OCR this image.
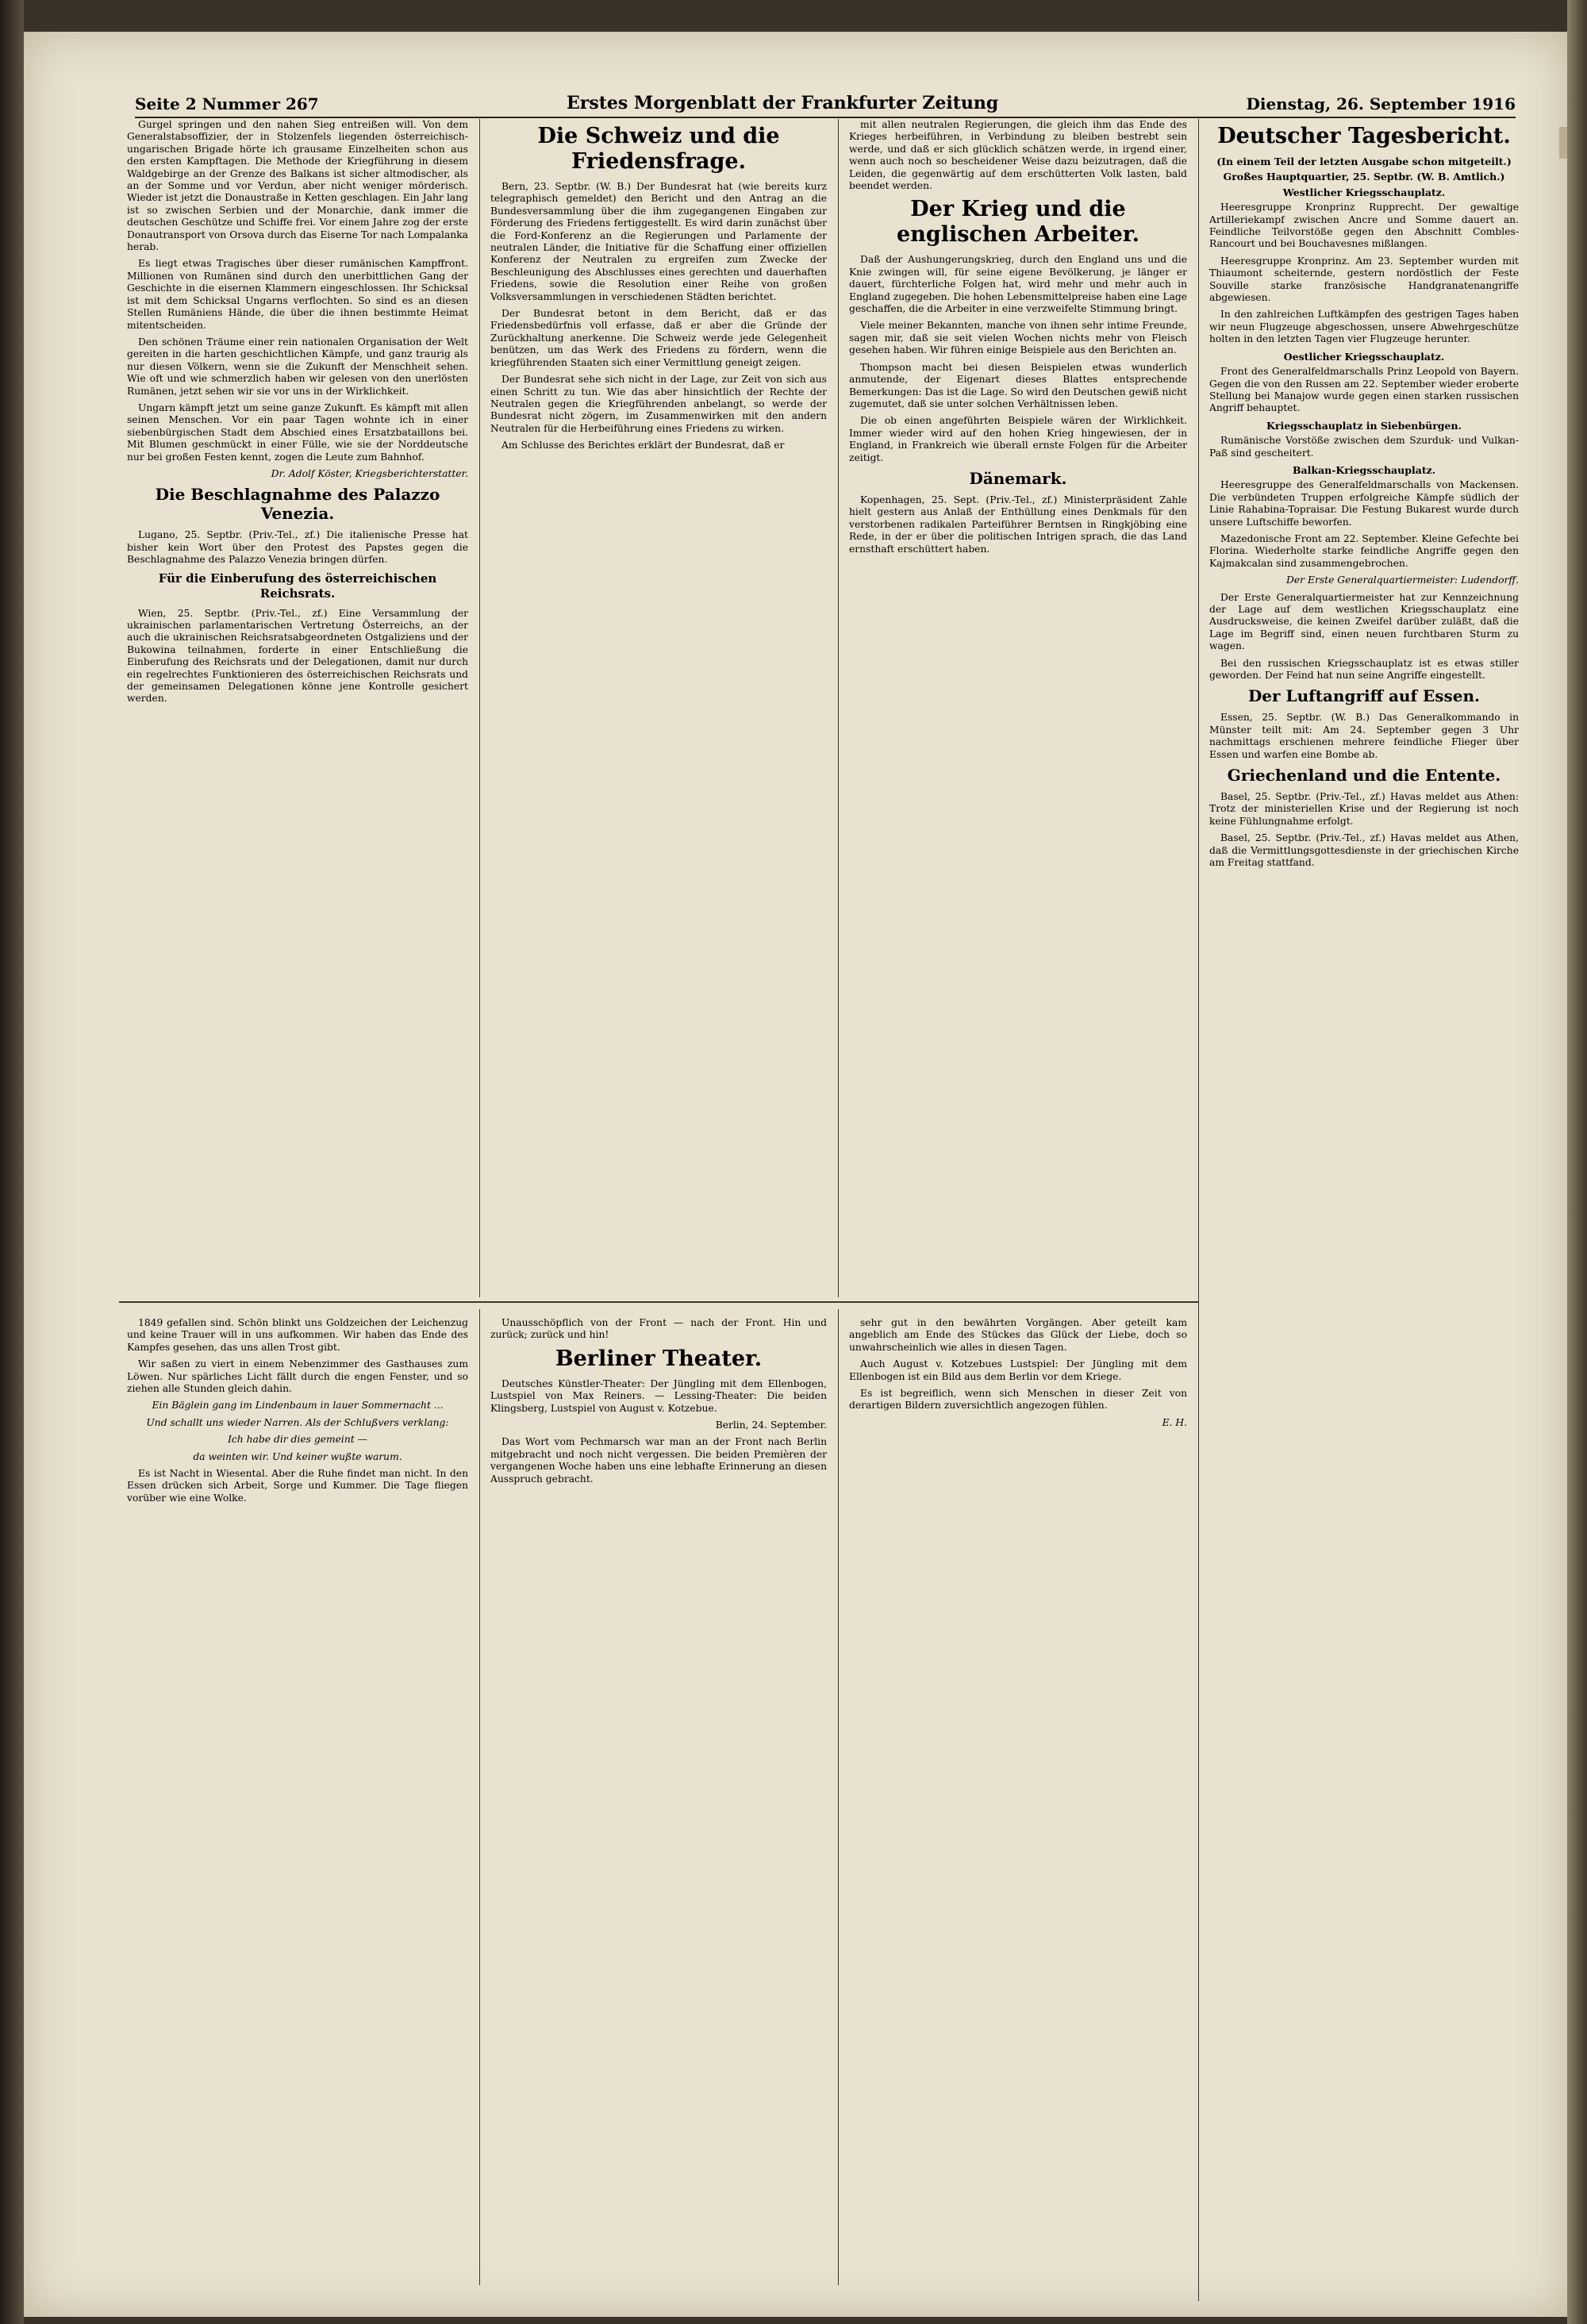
Seite 2 Nummer 267	Erstes Morgenblatt der Frankfurter Zeitung	Dienstag, 26. September 1916

Gurgel springen und den nahen Sieg entreißen will. Von dem Generalstabsoffizier, der in Stolzenfels liegenden österreichisch-ungarischen Brigade hörte ich grausame Einzelheiten schon aus den ersten Kampftagen. Die Methode der Kriegführung in diesem Waldgebirge an der Grenze des Balkans ist sicher altmodischer, als an der Somme und vor Verdun, aber nicht weniger mörderisch. Wieder ist jetzt die Donaustraße in Ketten geschlagen. Ein Jahr lang ist so zwischen Serbien und der Monarchie, dank immer die deutschen Geschütze und Schiffe frei. Vor einem Jahre zog der erste Donautransport von Orsova durch das Eiserne Tor nach Lompalanka herab.

Es liegt etwas Tragisches über dieser rumänischen Kampffront. Millionen von Rumänen sind durch den unerbittlichen Gang der Geschichte in die eisernen Klammern eingeschlossen. Ihr Schicksal ist mit dem Schicksal Ungarns verflochten. So sind es an diesen Stellen Rumäniens Hände, die über die ihnen bestimmte Heimat mitentscheiden.

Den schönen Träume einer rein nationalen Organisation der Welt gereiten in die harten geschichtlichen Kämpfe, und ganz traurig als nur diesen Völkern, wenn sie die Zukunft der Menschheit sehen. Wie oft und wie schmerzlich haben wir gelesen von den unerlösten Rumänen, jetzt sehen wir sie vor uns in der Wirklichkeit.

Ungarn kämpft jetzt um seine ganze Zukunft. Es kämpft mit allen seinen Menschen. Vor ein paar Tagen wohnte ich in einer siebenbürgischen Stadt dem Abschied eines Ersatzbataillons bei. Mit Blumen geschmückt in einer Fülle, wie sie der Norddeutsche nur bei großen Festen kennt, zogen die Leute zum Bahnhof.

Dr. Adolf Köster, Kriegsberichterstatter.

Die Beschlagnahme des Palazzo Venezia.

Lugano, 25. Septbr. (Priv.-Tel., zf.) Die italienische Presse hat bisher kein Wort über den Protest des Papstes gegen die Beschlagnahme des Palazzo Venezia bringen dürfen.

Für die Einberufung des österreichischen Reichsrats.

Wien, 25. Septbr. (Priv.-Tel., zf.) Eine Versammlung der ukrainischen parlamentarischen Vertretung Österreichs, an der auch die ukrainischen Reichsratsabgeordneten Ostgaliziens und der Bukowina teilnahmen, forderte in einer Entschließung die Einberufung des Reichsrats und der Delegationen, damit nur durch ein regelrechtes Funktionieren des österreichischen Reichsrats und der gemeinsamen Delegationen könne jene Kontrolle gesichert werden.

Die Schweiz und die Friedensfrage.

Bern, 23. Septbr. (W. B.) Der Bundesrat hat (wie bereits kurz telegraphisch gemeldet) den Bericht und den Antrag an die Bundesversammlung über die ihm zugegangenen Eingaben zur Förderung des Friedens fertiggestellt. Es wird darin zunächst über die Ford-Konferenz an die Regierungen und Parlamente der neutralen Länder, die Initiative für die Schaffung einer offiziellen Konferenz der Neutralen zu ergreifen zum Zwecke der Beschleunigung des Abschlusses eines gerechten und dauerhaften Friedens, sowie die Resolution einer Reihe von großen Volksversammlungen in verschiedenen Städten berichtet.

Der Bundesrat betont in dem Bericht, daß er das Friedensbedürfnis voll erfasse, daß er aber die Gründe der Zurückhaltung anerkenne. Die Schweiz werde jede Gelegenheit benützen, um das Werk des Friedens zu fördern, wenn die kriegführenden Staaten sich einer Vermittlung geneigt zeigen.

Der Bundesrat sehe sich nicht in der Lage, zur Zeit von sich aus einen Schritt zu tun. Wie das aber hinsichtlich der Rechte der Neutralen gegen die Kriegführenden anbelangt, so werde der Bundesrat nicht zögern, im Zusammenwirken mit den andern Neutralen für die Herbeiführung eines Friedens zu wirken.

Am Schlusse des Berichtes erklärt der Bundesrat, daß er

mit allen neutralen Regierungen, die gleich ihm das Ende des Krieges herbeiführen, in Verbindung zu bleiben bestrebt sein werde, und daß er sich glücklich schätzen werde, in irgend einer, wenn auch noch so bescheidener Weise dazu beizutragen, daß die Leiden, die gegenwärtig auf dem erschütterten Volk lasten, bald beendet werden.

Der Krieg und die englischen Arbeiter.

Daß der Aushungerungskrieg, durch den England uns und die Knie zwingen will, für seine eigene Bevölkerung, je länger er dauert, fürchterliche Folgen hat, wird mehr und mehr auch in England zugegeben. Die hohen Lebensmittelpreise haben eine Lage geschaffen, die die Arbeiter in eine verzweifelte Stimmung bringt.

Viele meiner Bekannten, manche von ihnen sehr intime Freunde, sagen mir, daß sie seit vielen Wochen nichts mehr von Fleisch gesehen haben. Wir führen einige Beispiele aus den Berichten an.

Thompson macht bei diesen Beispielen etwas wunderlich anmutende, der Eigenart dieses Blattes entsprechende Bemerkungen: Das ist die Lage. So wird den Deutschen gewiß nicht zugemutet, daß sie unter solchen Verhältnissen leben.

Die ob einen angeführten Beispiele wären der Wirklichkeit. Immer wieder wird auf den hohen Krieg hingewiesen, der in England, in Frankreich wie überall ernste Folgen für die Arbeiter zeitigt.

Dänemark.

Kopenhagen, 25. Sept. (Priv.-Tel., zf.) Ministerpräsident Zahle hielt gestern aus Anlaß der Enthüllung eines Denkmals für den verstorbenen radikalen Parteiführer Berntsen in Ringkjöbing eine Rede, in der er über die politischen Intrigen sprach, die das Land ernsthaft erschüttert haben.

Deutscher Tagesbericht.
(In einem Teil der letzten Ausgabe schon mitgeteilt.)
Großes Hauptquartier, 25. Septbr. (W. B. Amtlich.)
Westlicher Kriegsschauplatz.

Heeresgruppe Kronprinz Rupprecht. Der gewaltige Artilleriekampf zwischen Ancre und Somme dauert an. Feindliche Teilvorstöße gegen den Abschnitt Combles-Rancourt und bei Bouchavesnes mißlangen.

Heeresgruppe Kronprinz. Am 23. September wurden mit Thiaumont scheiternde, gestern nordöstlich der Feste Souville starke französische Handgranatenangriffe abgewiesen.

In den zahlreichen Luftkämpfen des gestrigen Tages haben wir neun Flugzeuge abgeschossen, unsere Abwehrgeschütze holten in den letzten Tagen vier Flugzeuge herunter.

Oestlicher Kriegsschauplatz.

Front des Generalfeldmarschalls Prinz Leopold von Bayern. Gegen die von den Russen am 22. September wieder eroberte Stellung bei Manajow wurde gegen einen starken russischen Angriff behauptet.

Kriegsschauplatz in Siebenbürgen.

Rumänische Vorstöße zwischen dem Szurduk- und Vulkan-Paß sind gescheitert.

Balkan-Kriegsschauplatz.

Heeresgruppe des Generalfeldmarschalls von Mackensen. Die verbündeten Truppen erfolgreiche Kämpfe südlich der Linie Rahabina-Topraisar. Die Festung Bukarest wurde durch unsere Luftschiffe beworfen.

Mazedonische Front am 22. September. Kleine Gefechte bei Florina. Wiederholte starke feindliche Angriffe gegen den Kajmakcalan sind zusammengebrochen.

Der Erste Generalquartiermeister: Ludendorff.

Der Erste Generalquartiermeister hat zur Kennzeichnung der Lage auf dem westlichen Kriegsschauplatz eine Ausdrucksweise, die keinen Zweifel darüber zuläßt, daß die Lage im Begriff sind, einen neuen furchtbaren Sturm zu wagen.

Bei den russischen Kriegsschauplatz ist es etwas stiller geworden. Der Feind hat nun seine Angriffe eingestellt.

Der Luftangriff auf Essen.

Essen, 25. Septbr. (W. B.) Das Generalkommando in Münster teilt mit: Am 24. September gegen 3 Uhr nachmittags erschienen mehrere feindliche Flieger über Essen und warfen eine Bombe ab.

Griechenland und die Entente.

Basel, 25. Septbr. (Priv.-Tel., zf.) Havas meldet aus Athen: Trotz der ministeriellen Krise und der Regierung ist noch keine Fühlungnahme erfolgt.

Basel, 25. Septbr. (Priv.-Tel., zf.) Havas meldet aus Athen, daß die Vermittlungsgottesdienste in der griechischen Kirche am Freitag stattfand.

1849 gefallen sind. Schön blinkt uns Goldzeichen der Leichenzug und keine Trauer will in uns aufkommen. Wir haben das Ende des Kampfes gesehen, das uns allen Trost gibt.

Wir saßen zu viert in einem Nebenzimmer des Gasthauses zum Löwen. Nur spärliches Licht fällt durch die engen Fenster, und so ziehen alle Stunden gleich dahin.

Ein Bäglein gang im Lindenbaum in lauer Sommernacht ...

Und schallt uns wieder Narren. Als der Schlußvers verklang:

Ich habe dir dies gemeint —

da weinten wir. Und keiner wußte warum.

Es ist Nacht in Wiesental. Aber die Ruhe findet man nicht. In den Essen drücken sich Arbeit, Sorge und Kummer. Die Tage fliegen vorüber wie eine Wolke.

Unausschöpflich von der Front — nach der Front. Hin und zurück; zurück und hin!

Berliner Theater.

Deutsches Künstler-Theater: Der Jüngling mit dem Ellenbogen, Lustspiel von Max Reiners. — Lessing-Theater: Die beiden Klingsberg, Lustspiel von August v. Kotzebue.

Berlin, 24. September.

Das Wort vom Pechmarsch war man an der Front nach Berlin mitgebracht und noch nicht vergessen. Die beiden Premièren der vergangenen Woche haben uns eine lebhafte Erinnerung an diesen Ausspruch gebracht.

sehr gut in den bewährten Vorgängen. Aber geteilt kam angeblich am Ende des Stückes das Glück der Liebe, doch so unwahrscheinlich wie alles in diesen Tagen.

Auch August v. Kotzebues Lustspiel: Der Jüngling mit dem Ellenbogen ist ein Bild aus dem Berlin vor dem Kriege.

Es ist begreiflich, wenn sich Menschen in dieser Zeit von derartigen Bildern zuversichtlich angezogen fühlen.

E. H.
